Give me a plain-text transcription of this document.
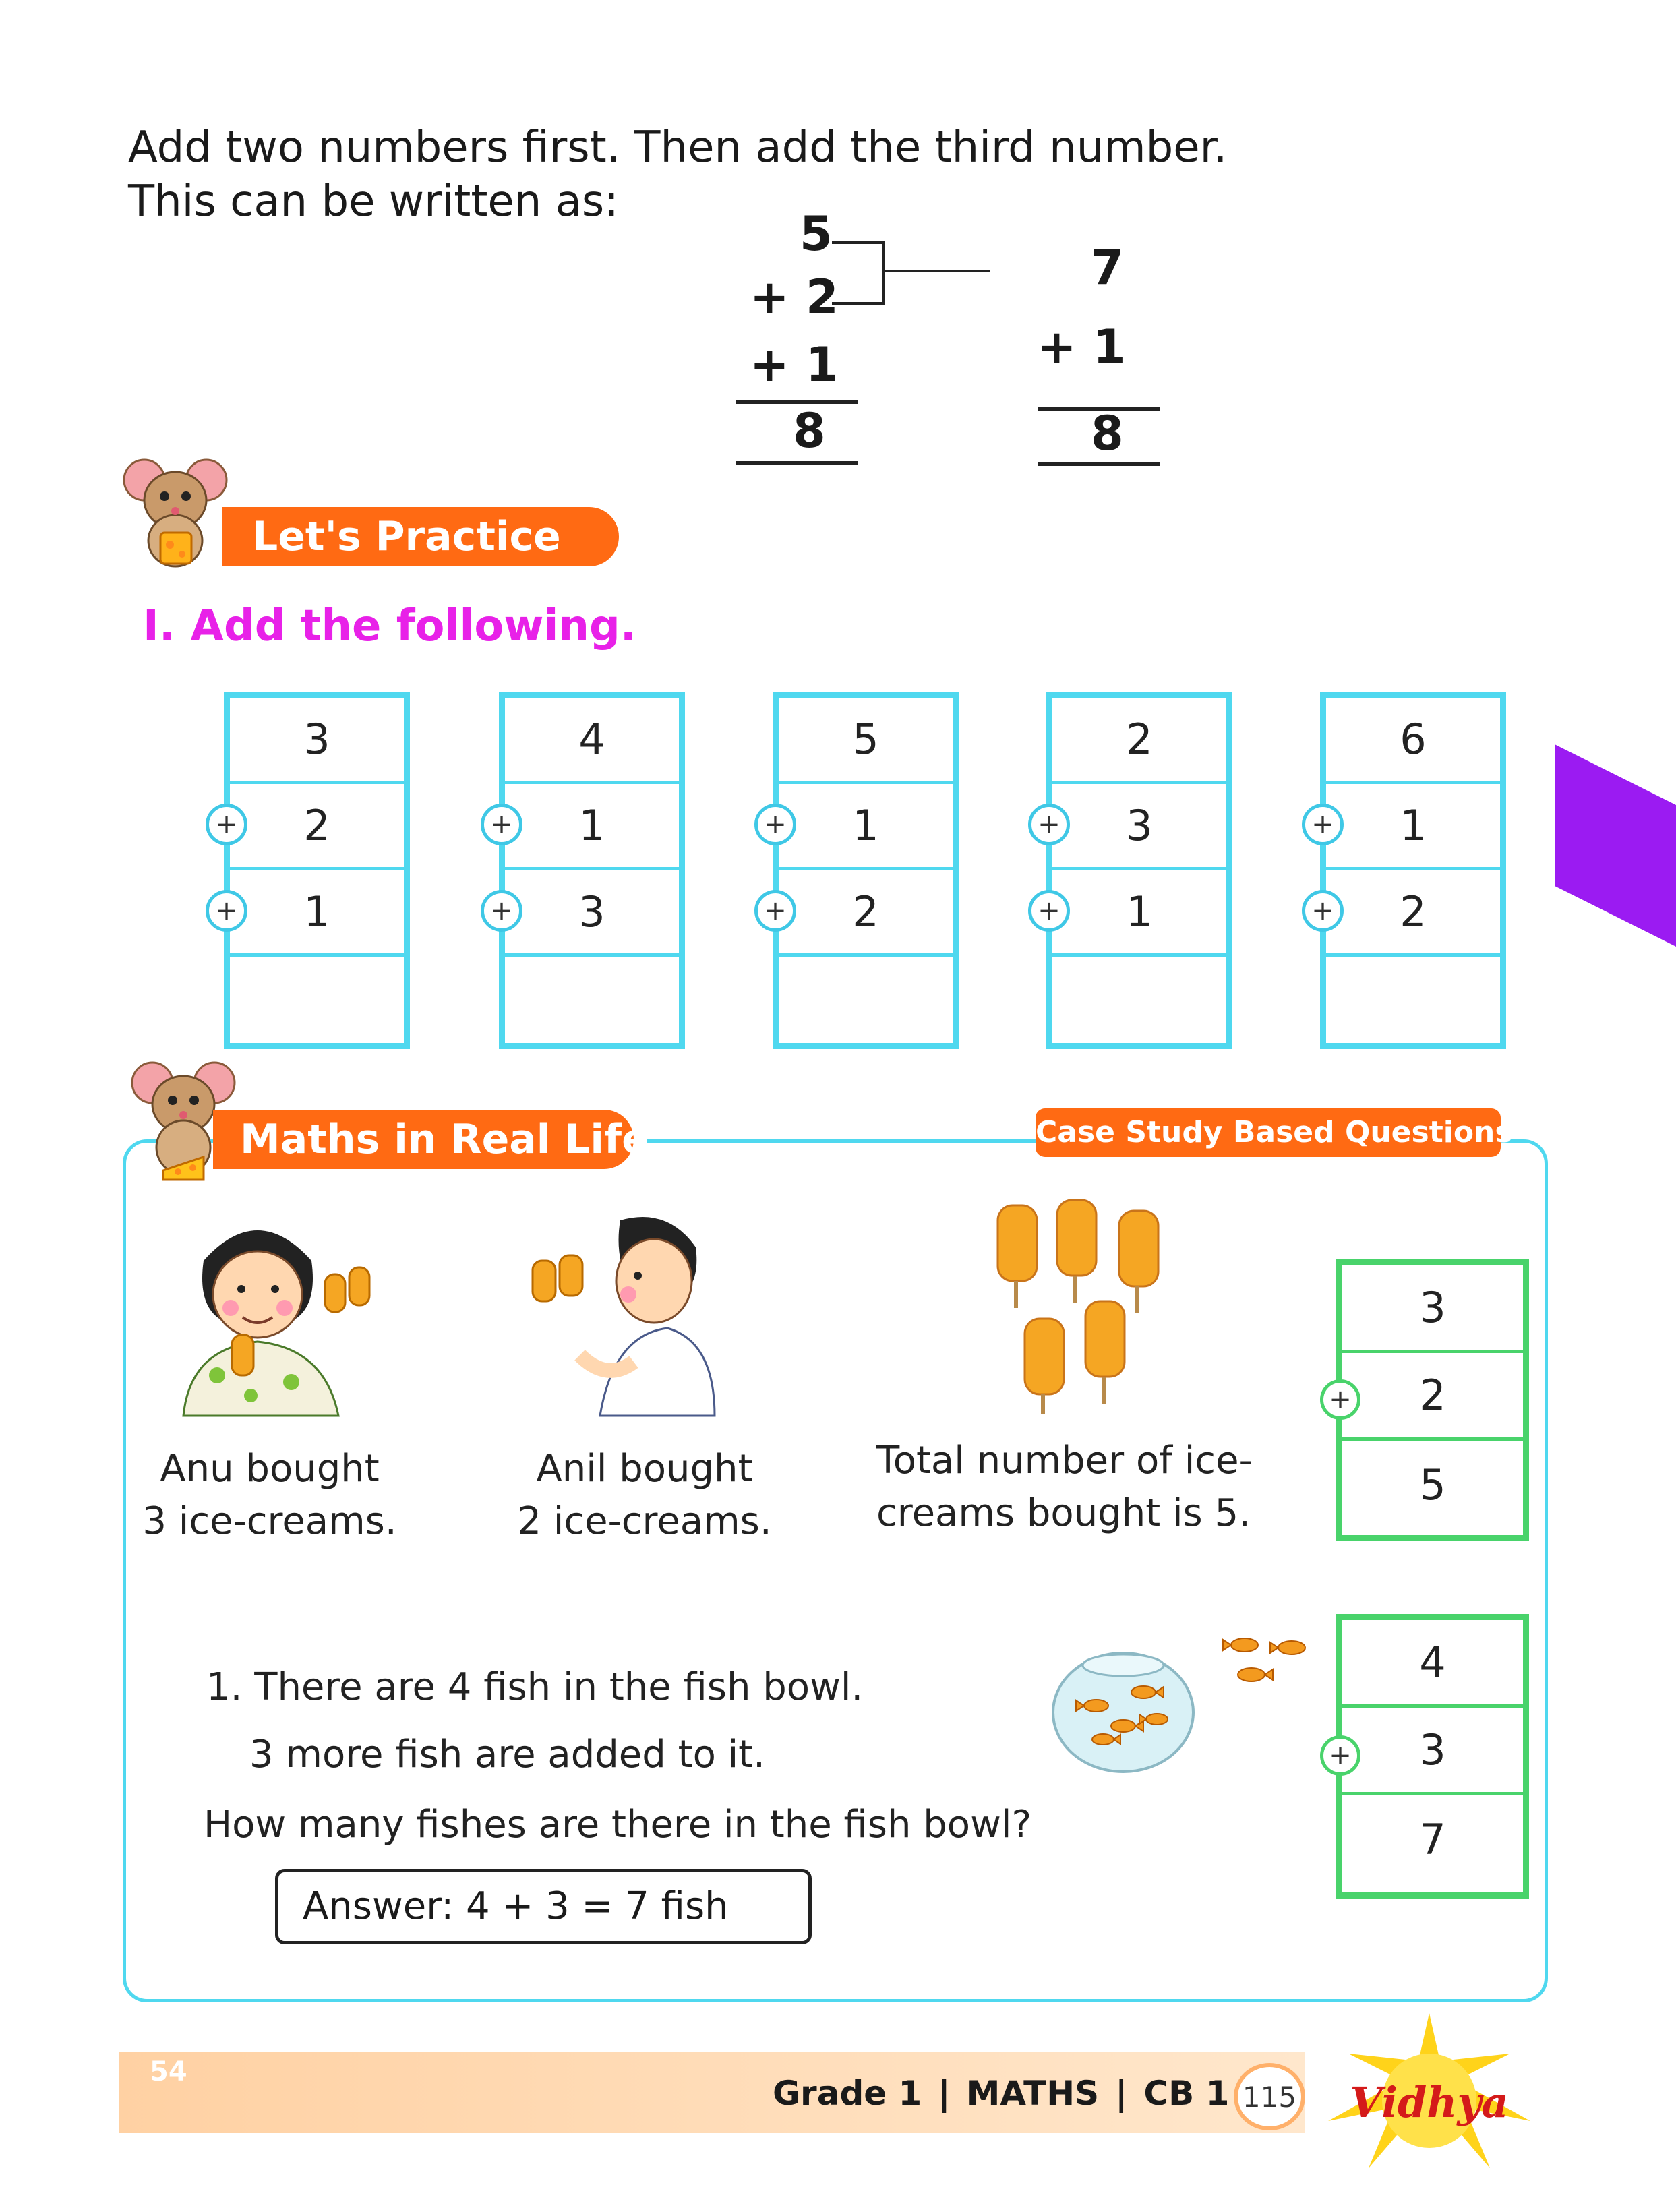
Add two numbers first. Then add the third number.
This can be written as:
5
+ 2
+ 1
8
7
+ 1
8
Let's Practice
I. Add the following.
3
2
1
+
+
4
1
3
+
+
5
1
2
+
+
2
3
1
+
+
6
1
2
+
+
Maths in Real Life	Case Study Based Questions
Anu bought
3 ice-creams.
Anil bought
2 ice-creams.
Total number of ice-
creams bought is 5.
3
2
5
+
1. There are 4 fish in the fish bowl.
3 more fish are added to it.
How many fishes are there in the fish bowl?
Answer: 4 + 3 = 7 fish
4
3
7
+
54
Grade 1 | MATHS | CB 1 115 Vidhya
